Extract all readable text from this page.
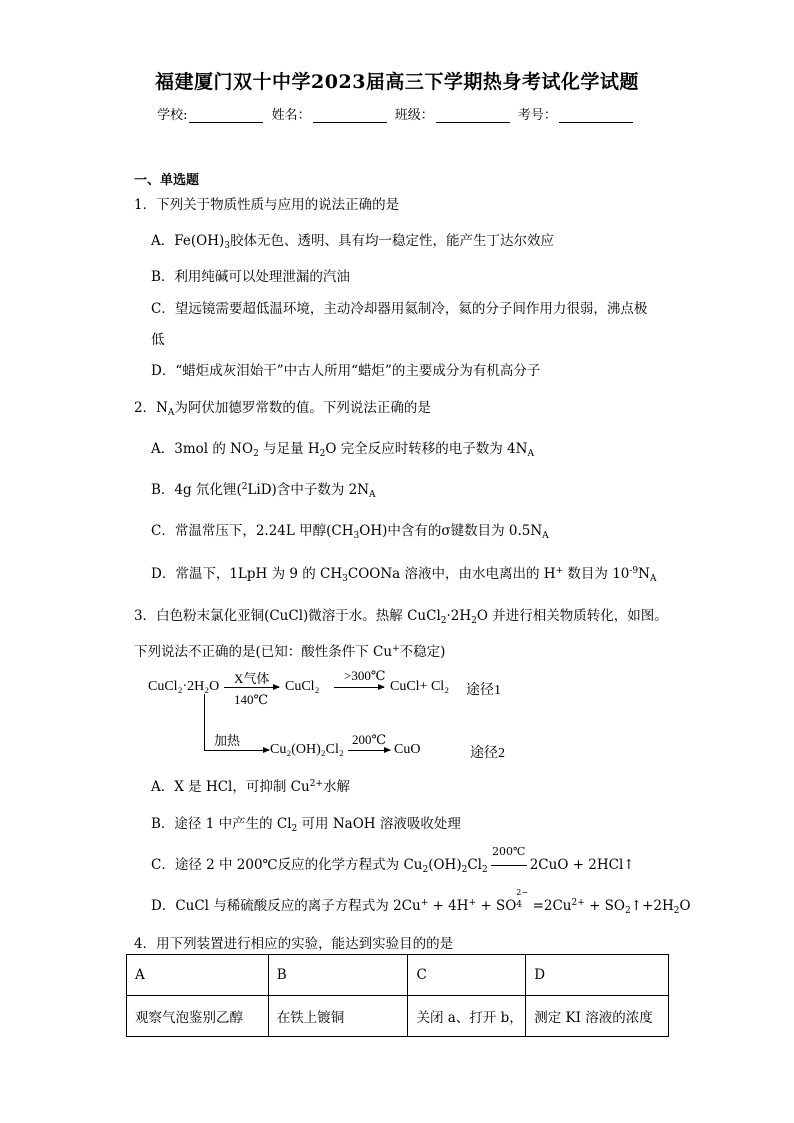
福建厦门双十中学2023届高三下学期热身考试化学试题
学校:	姓名：	班级：	考号：
一、单选题
1．下列关于物质性质与应用的说法正确的是
A．$Fe(OH)_3$胶体无色、透明、具有均一稳定性，能产生丁达尔效应
B．利用纯碱可以处理泄漏的汽油
C．望远镜需要超低温环境，主动冷却器用氦制冷，氦的分子间作用力很弱，沸点极
低
D．“蜡炬成灰泪始干”中古人所用“蜡炬”的主要成分为有机高分子
2．$N_A$为阿伏加德罗常数的值。下列说法正确的是
A．3mol 的 $NO_2$ 与足量 $H_2O$ 完全反应时转移的电子数为 $4N_A$
B．4g 氘化锂($^2$LiD)含中子数为 $2N_A$
C．常温常压下，2.24L 甲醇$(CH_3OH)$中含有的σ键数目为 $0.5N_A$
D．常温下，1LpH 为 9 的 $CH_3COONa$ 溶液中，由水电离出的 H+ 数目为 $10^{-9}N_A$
3．白色粉末氯化亚铜(CuCl)微溶于水。热解 $CuCl_2\cdot 2H_2O$ 并进行相关物质转化，如图。
下列说法不正确的是(已知：酸性条件下 Cu+不稳定)
CuCl₂·2H₂O
X气体
140℃
CuCl₂
>300℃
CuCl+ Cl₂ 途径1
加热
Cu₂(OH)₂Cl₂
200℃
CuO	途径2
A．X 是 HCl，可抑制 $Cu^{2+}$水解
B．途径 1 中产生的 $Cl_2$ 可用 NaOH 溶液吸收处理
C．途径 2 中 200℃反应的化学方程式为 $Cu_2(OH)_2Cl_2$
200℃
2CuO + 2HCl↑
D．CuCl 与稀硫酸反应的离子方程式为 2Cu+ + 4H+ + SO
2−
$4 =2Cu^{2+}$ + $SO_2↑+2H_2O$
4．用下列装置进行相应的实验，能达到实验目的的是
A	B	C	D
观察气泡鉴别乙醇	在铁上镀铜	关闭 a、打开 b，	测定 KI 溶液的浓度
